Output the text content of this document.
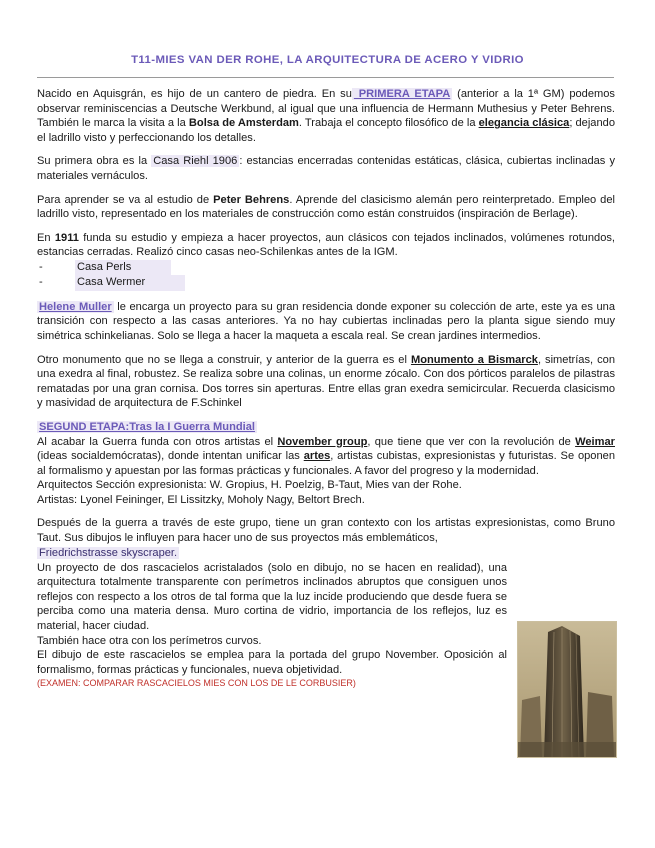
T11-MIES VAN DER ROHE, LA ARQUITECTURA DE ACERO Y VIDRIO

Nacido en Aquisgrán, es hijo de un cantero de piedra. En su PRIMERA ETAPA (anterior a la 1ª GM) podemos observar reminiscencias a Deutsche Werkbund, al igual que una influencia de Hermann Muthesius y Peter Behrens. También le marca la visita a la Bolsa de Amsterdam. Trabaja el concepto filosófico de la elegancia clásica; dejando el ladrillo visto y perfeccionando los detalles.

Su primera obra es la Casa Riehl 1906 : estancias encerradas contenidas estáticas, clásica, cubiertas inclinadas y materiales vernáculos.

Para aprender se va al estudio de Peter Behrens. Aprende del clasicismo alemán pero reinterpretado. Empleo del ladrillo visto, representado en los materiales de construcción como están construidos (inspiración de Berlage).

En 1911 funda su estudio y empieza a hacer proyectos, aun clásicos con tejados inclinados, volúmenes rotundos, estancias cerradas. Realizó cinco casas neo-Schilenkas antes de la IGM.

-	Casa Perls
-	Casa Wermer

Helene Muller le encarga un proyecto para su gran residencia donde exponer su colección de arte, este ya es una transición con respecto a las casas anteriores. Ya no hay cubiertas inclinadas pero la planta sigue siendo muy simétrica schinkelianas. Solo se llega a hacer la maqueta a escala real. Se crean jardines intermedios.

Otro monumento que no se llega a construir, y anterior de la guerra es el Monumento a Bismarck, simetrías, con una exedra al final, robustez. Se realiza sobre una colinas, un enorme zócalo. Con dos pórticos paralelos de pilastras rematadas por una gran cornisa. Dos torres sin aperturas. Entre ellas gran exedra semicircular. Recuerda clasicismo y masividad de arquitectura de F.Schinkel

SEGUND ETAPA:Tras la I Guerra Mundial

Al acabar la Guerra funda con otros artistas el November group, que tiene que ver con la revolución de Weimar (ideas socialdemócratas), donde intentan unificar las artes, artistas cubistas, expresionistas y futuristas. Se oponen al formalismo y apuestan por las formas prácticas y funcionales. A favor del progreso y la modernidad.

Arquitectos Sección expresionista: W. Gropius, H. Poelzig, B-Taut, Mies van der Rohe.

Artistas: Lyonel Feininger, El Lissitzky, Moholy Nagy, Beltort Brech.

Después de la guerra a través de este grupo, tiene un gran contexto con los artistas expresionistas, como Bruno Taut. Sus dibujos le influyen para hacer uno de sus proyectos más emblemáticos,

Friedrichstrasse skyscraper.

Un proyecto de dos rascacielos acristalados (solo en dibujo, no se hacen en realidad), una arquitectura totalmente transparente con perímetros inclinados abruptos que consiguen unos reflejos con respecto a los otros de tal forma que la luz incide produciendo que desde fuera se perciba como una materia densa. Muro cortina de vidrio, importancia de los reflejos, luz es material, hacer ciudad.

También hace otra con los perímetros curvos.

El dibujo de este rascacielos se emplea para la portada del grupo November. Oposición al formalismo, formas prácticas y funcionales, nueva objetividad.

(EXAMEN: COMPARAR RASCACIELOS MIES CON LOS DE LE CORBUSIER)
